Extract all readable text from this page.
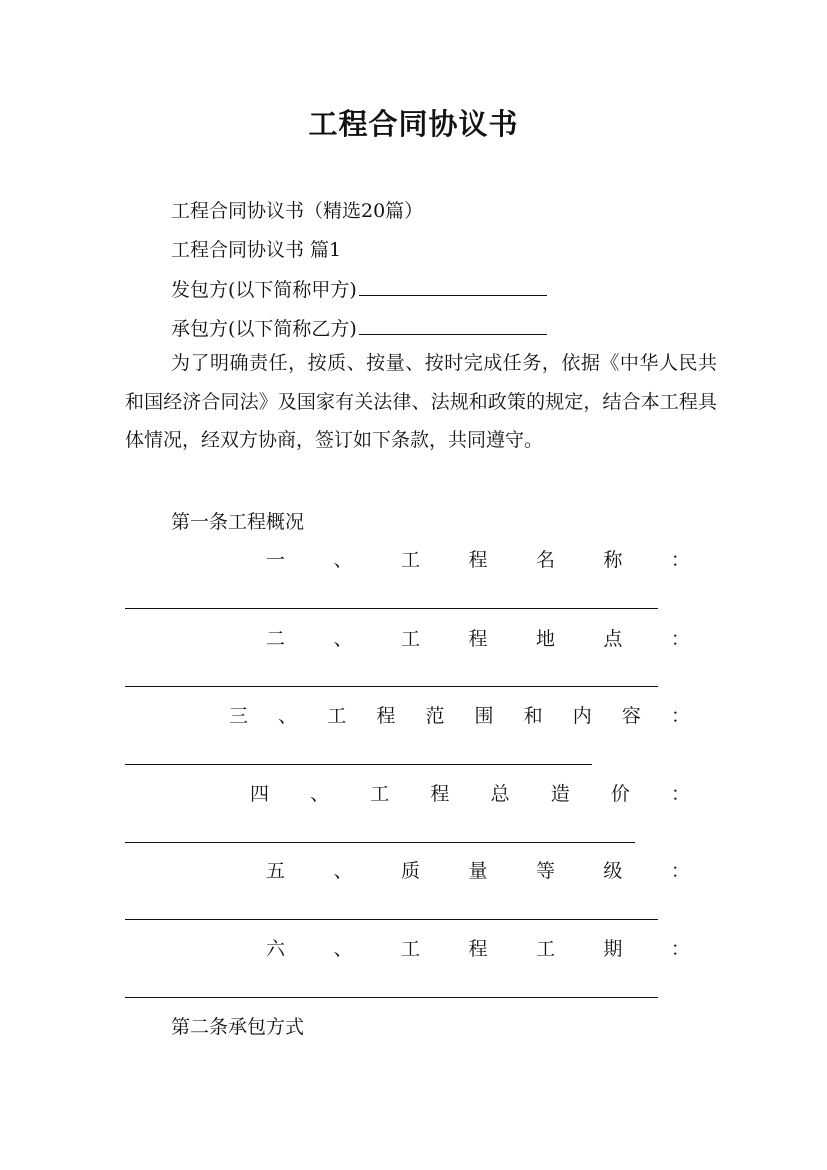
工程合同协议书
工程合同协议书（精选20篇）
工程合同协议书 篇1
发包方(以下简称甲方)
承包方(以下简称乙方)

为了明确责任，按质、按量、按时完成任务，依据《中华人民共和国经济合同法》及国家有关法律、法规和政策的规定，结合本工程具体情况，经双方协商，签订如下条款，共同遵守。

第一条工程概况
一	、	工	程	名	称	：
二	、	工	程	地	点	：
三 、 工 程 范 围 和 内 容 ：
四 、 工 程 总 造 价 ：
五	、	质	量	等	级	：
六	、	工	程	工	期	：
第二条承包方式
